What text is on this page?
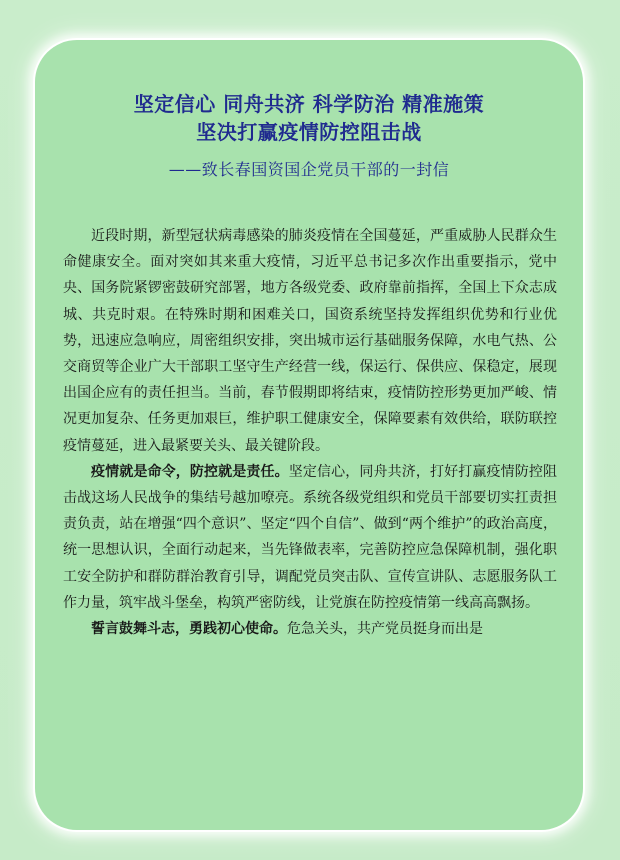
坚定信心 同舟共济 科学防治 精准施策
坚决打赢疫情防控阻击战
——致长春国资国企党员干部的一封信

近段时期，新型冠状病毒感染的肺炎疫情在全国蔓延，严重威胁人民群众生命健康安全。面对突如其来重大疫情，习近平总书记多次作出重要指示，党中央、国务院紧锣密鼓研究部署，地方各级党委、政府靠前指挥，全国上下众志成城、共克时艰。在特殊时期和困难关口，国资系统坚持发挥组织优势和行业优势，迅速应急响应，周密组织安排，突出城市运行基础服务保障，水电气热、公交商贸等企业广大干部职工坚守生产经营一线，保运行、保供应、保稳定，展现出国企应有的责任担当。当前，春节假期即将结束，疫情防控形势更加严峻、情况更加复杂、任务更加艰巨，维护职工健康安全，保障要素有效供给，联防联控疫情蔓延，进入最紧要关头、最关键阶段。

疫情就是命令，防控就是责任。坚定信心，同舟共济，打好打赢疫情防控阻击战这场人民战争的集结号越加嘹亮。系统各级党组织和党员干部要切实扛责担责负责，站在增强“四个意识”、坚定“四个自信”、做到“两个维护”的政治高度，统一思想认识，全面行动起来，当先锋做表率，完善防控应急保障机制，强化职工安全防护和群防群治教育引导，调配党员突击队、宣传宣讲队、志愿服务队工作力量，筑牢战斗堡垒，构筑严密防线，让党旗在防控疫情第一线高高飘扬。

誓言鼓舞斗志，勇践初心使命。危急关头，共产党员挺身而出是
